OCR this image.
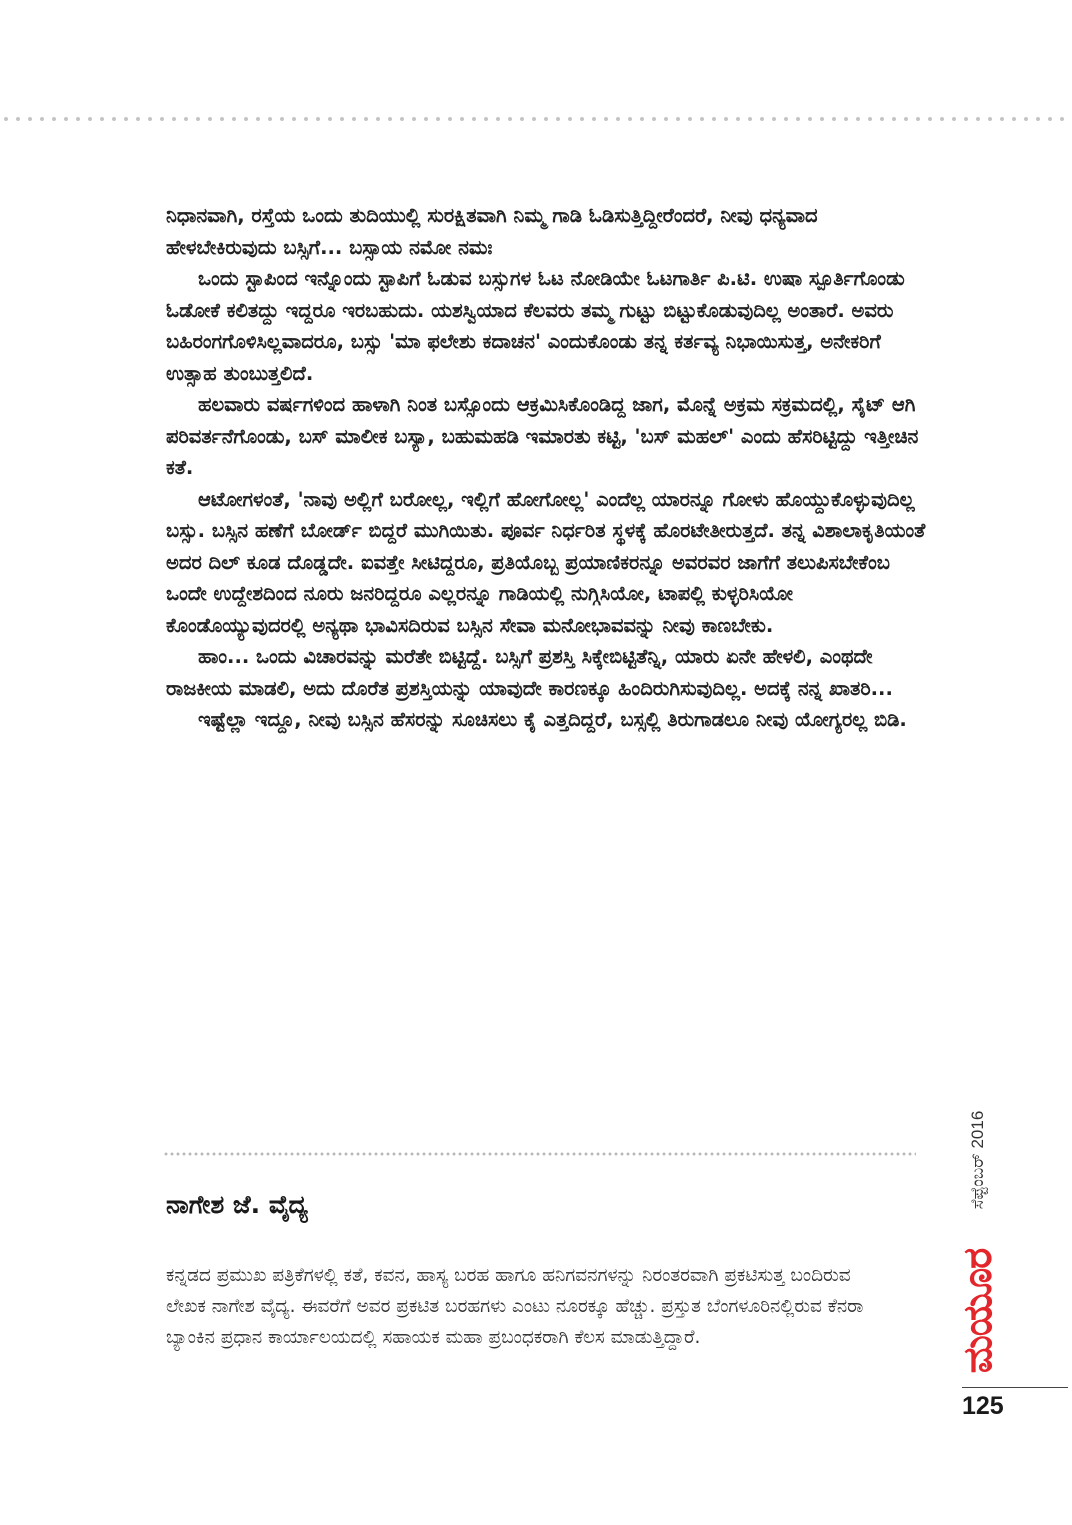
ನಿಧಾನವಾಗಿ, ರಸ್ತೆಯ ಒಂದು ತುದಿಯುಲ್ಲಿ ಸುರಕ್ಷಿತವಾಗಿ ನಿಮ್ಮ ಗಾಡಿ ಓಡಿಸುತ್ತಿದ್ದೀರೆಂದರೆ, ನೀವು ಧನ್ಯವಾದ ಹೇಳಬೇಕಿರುವುದು ಬಸ್ಸಿಗೆ... ಬಸ್ಸಾಯ ನಮೋ ನಮಃ

ಒಂದು ಸ್ಟಾಪಿಂದ ಇನ್ನೊಂದು ಸ್ಟಾಪಿಗೆ ಓಡುವ ಬಸ್ಸುಗಳ ಓಟ ನೋಡಿಯೇ ಓಟಗಾರ್ತಿ ಪಿ.ಟಿ. ಉಷಾ ಸ್ಪೂರ್ತಿಗೊಂಡು ಓಡೋಕೆ ಕಲಿತದ್ದು ಇದ್ದರೂ ಇರಬಹುದು. ಯಶಸ್ವಿಯಾದ ಕೆಲವರು ತಮ್ಮ ಗುಟ್ಟು ಬಿಟ್ಟುಕೊಡುವುದಿಲ್ಲ ಅಂತಾರೆ. ಅವರು ಬಹಿರಂಗಗೊಳಿಸಿಲ್ಲವಾದರೂ, ಬಸ್ಸು 'ಮಾ ಫಲೇಶು ಕದಾಚನ' ಎಂದುಕೊಂಡು ತನ್ನ ಕರ್ತವ್ಯ ನಿಭಾಯಿಸುತ್ತ, ಅನೇಕರಿಗೆ ಉತ್ಸಾಹ ತುಂಬುತ್ತಲಿದೆ.

ಹಲವಾರು ವರ್ಷಗಳಿಂದ ಹಾಳಾಗಿ ನಿಂತ ಬಸ್ಸೊಂದು ಆಕ್ರಮಿಸಿಕೊಂಡಿದ್ದ ಜಾಗ, ಮೊನ್ನೆ ಅಕ್ರಮ ಸಕ್ರಮದಲ್ಲಿ, ಸೈಟ್ ಆಗಿ ಪರಿವರ್ತನೆಗೊಂಡು, ಬಸ್ ಮಾಲೀಕ ಬಸ್ಯಾ, ಬಹುಮಹಡಿ ಇಮಾರತು ಕಟ್ಟಿ, 'ಬಸ್ ಮಹಲ್' ಎಂದು ಹೆಸರಿಟ್ಟಿದ್ದು ಇತ್ತೀಚಿನ ಕತೆ.

ಆಟೋಗಳಂತೆ, 'ನಾವು ಅಲ್ಲಿಗೆ ಬರೋಲ್ಲ, ಇಲ್ಲಿಗೆ ಹೋಗೋಲ್ಲ' ಎಂದೆಲ್ಲ ಯಾರನ್ನೂ ಗೋಳು ಹೊಯ್ದುಕೊಳ್ಳುವುದಿಲ್ಲ ಬಸ್ಸು. ಬಸ್ಸಿನ ಹಣೆಗೆ ಬೋರ್ಡ್ ಬಿದ್ದರೆ ಮುಗಿಯಿತು. ಪೂರ್ವ ನಿರ್ಧರಿತ ಸ್ಥಳಕ್ಕೆ ಹೊರಟೇತೀರುತ್ತದೆ. ತನ್ನ ವಿಶಾಲಾಕೃತಿಯಂತೆ ಅದರ ದಿಲ್ ಕೂಡ ದೊಡ್ಡದೇ. ಐವತ್ತೇ ಸೀಟಿದ್ದರೂ, ಪ್ರತಿಯೊಬ್ಬ ಪ್ರಯಾಣಿಕರನ್ನೂ ಅವರವರ ಜಾಗೆಗೆ ತಲುಪಿಸಬೇಕೆಂಬ ಒಂದೇ ಉದ್ದೇಶದಿಂದ ನೂರು ಜನರಿದ್ದರೂ ಎಲ್ಲರನ್ನೂ ಗಾಡಿಯಲ್ಲಿ ನುಗ್ಗಿಸಿಯೋ, ಟಾಪಲ್ಲಿ ಕುಳ್ಳರಿಸಿಯೋ ಕೊಂಡೊಯ್ಯುವುದರಲ್ಲಿ ಅನ್ಯಥಾ ಭಾವಿಸದಿರುವ ಬಸ್ಸಿನ ಸೇವಾ ಮನೋಭಾವವನ್ನು ನೀವು ಕಾಣಬೇಕು.

ಹಾಂ... ಒಂದು ವಿಚಾರವನ್ನು ಮರೆತೇ ಬಿಟ್ಟಿದ್ದೆ. ಬಸ್ಸಿಗೆ ಪ್ರಶಸ್ತಿ ಸಿಕ್ಕೇಬಿಟ್ಟಿತೆನ್ನಿ, ಯಾರು ಏನೇ ಹೇಳಲಿ, ಎಂಥದೇ ರಾಜಕೀಯ ಮಾಡಲಿ, ಅದು ದೊರೆತ ಪ್ರಶಸ್ತಿಯನ್ನು ಯಾವುದೇ ಕಾರಣಕ್ಕೂ ಹಿಂದಿರುಗಿಸುವುದಿಲ್ಲ. ಅದಕ್ಕೆ ನನ್ನ ಖಾತರಿ...

ಇಷ್ಟೆಲ್ಲಾ ಇದ್ದೂ, ನೀವು ಬಸ್ಸಿನ ಹೆಸರನ್ನು ಸೂಚಿಸಲು ಕೈ ಎತ್ತದಿದ್ದರೆ, ಬಸ್ಸಲ್ಲಿ ತಿರುಗಾಡಲೂ ನೀವು ಯೋಗ್ಯರಲ್ಲ ಬಿಡಿ.

ನಾಗೇಶ ಜೆ. ವೈದ್ಯ
ಕನ್ನಡದ ಪ್ರಮುಖ ಪತ್ರಿಕೆಗಳಲ್ಲಿ ಕತೆ, ಕವನ, ಹಾಸ್ಯ ಬರಹ ಹಾಗೂ ಹನಿಗವನಗಳನ್ನು ನಿರಂತರವಾಗಿ ಪ್ರಕಟಿಸುತ್ತ ಬಂದಿರುವ ಲೇಖಕ ನಾಗೇಶ ವೈದ್ಯ. ಈವರೆಗೆ ಅವರ ಪ್ರಕಟಿತ ಬರಹಗಳು ಎಂಟು ನೂರಕ್ಕೂ ಹೆಚ್ಚು. ಪ್ರಸ್ತುತ ಬೆಂಗಳೂರಿನಲ್ಲಿರುವ ಕೆನರಾ ಬ್ಯಾಂಕಿನ ಪ್ರಧಾನ ಕಾರ್ಯಾಲಯದಲ್ಲಿ ಸಹಾಯಕ ಮಹಾ ಪ್ರಬಂಧಕರಾಗಿ ಕೆಲಸ ಮಾಡುತ್ತಿದ್ದಾರೆ.
ಸೆಪ್ಟೆಂಬರ್ 2016
ಮಯೂರ
125
